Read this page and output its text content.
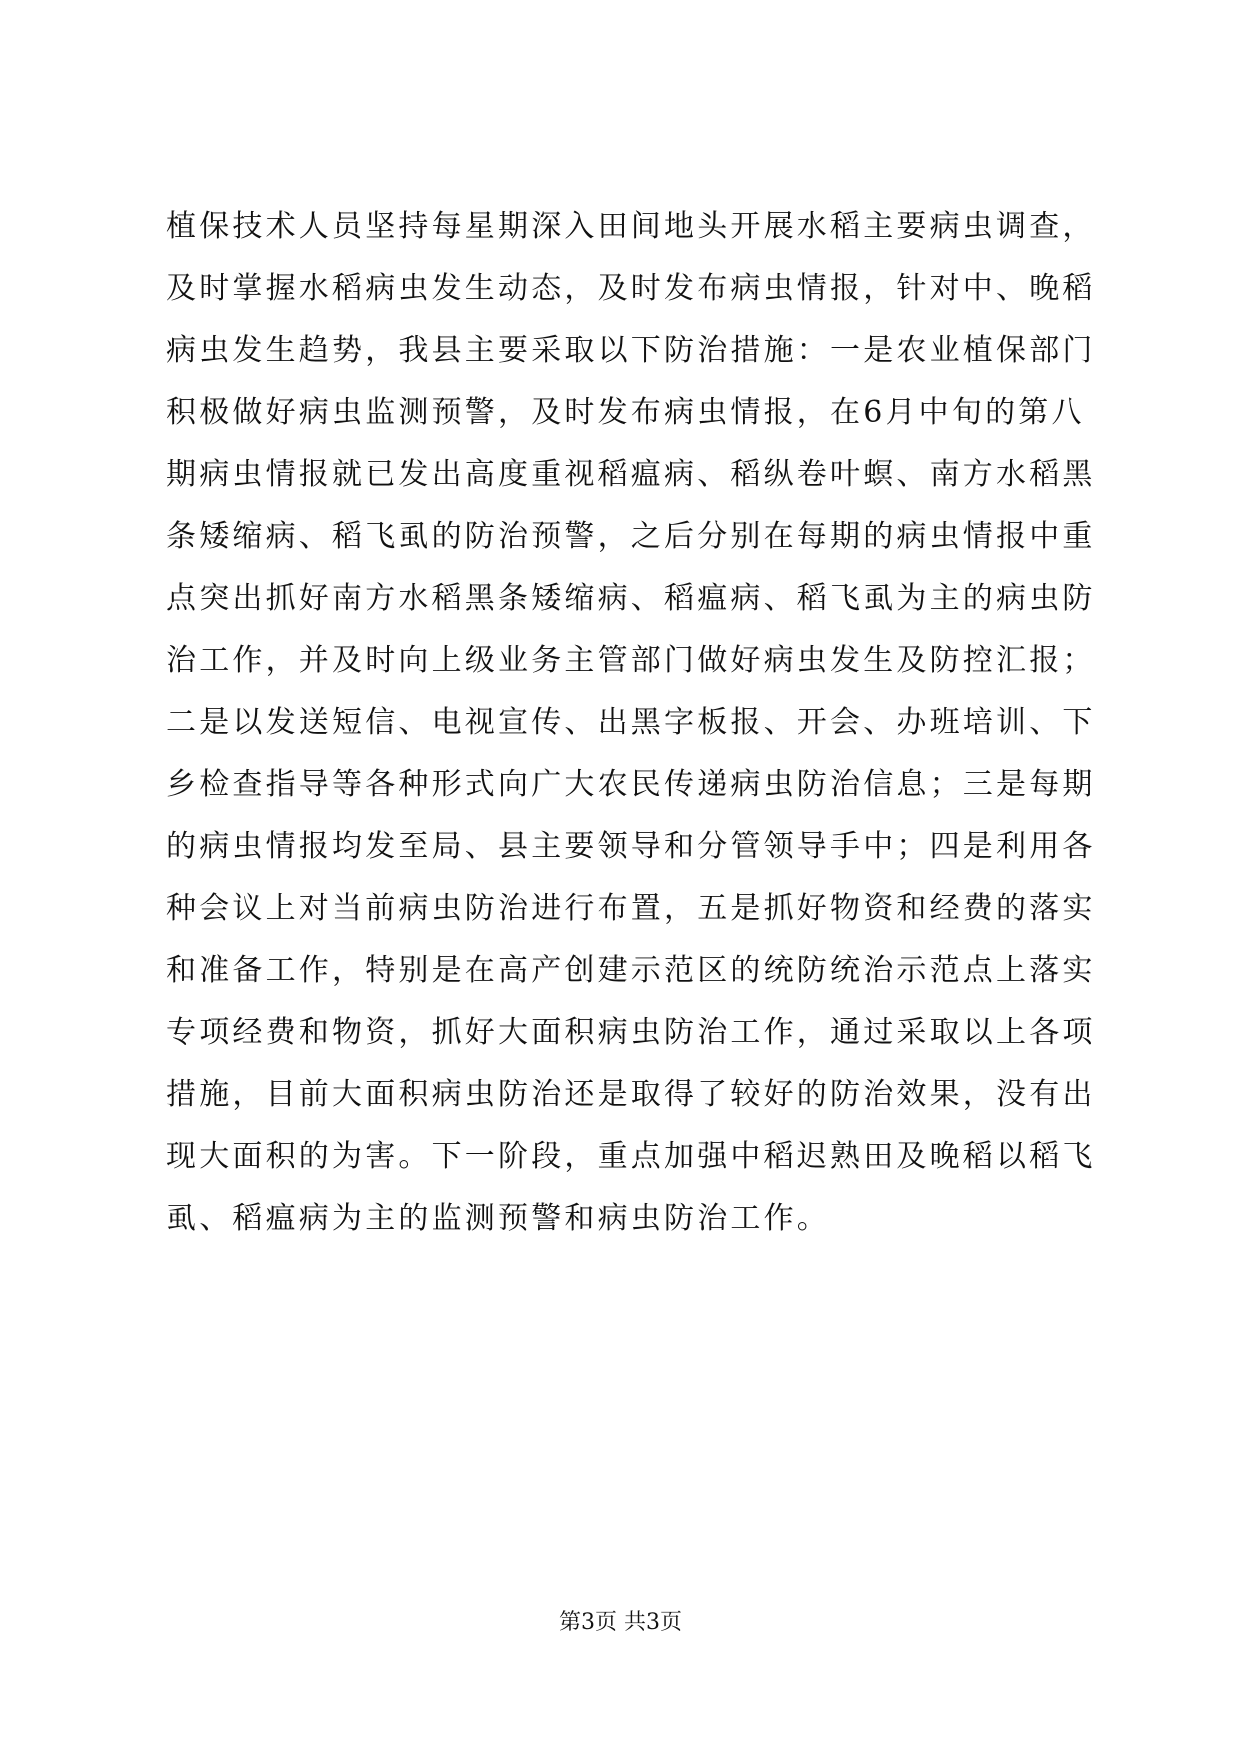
植保技术人员坚持每星期深入田间地头开展水稻主要病虫调查，
及时掌握水稻病虫发生动态，及时发布病虫情报，针对中、晚稻
病虫发生趋势，我县主要采取以下防治措施：一是农业植保部门
积极做好病虫监测预警，及时发布病虫情报，在6月中旬的第八
期病虫情报就已发出高度重视稻瘟病、稻纵卷叶螟、南方水稻黑
条矮缩病、稻飞虱的防治预警，之后分别在每期的病虫情报中重
点突出抓好南方水稻黑条矮缩病、稻瘟病、稻飞虱为主的病虫防
治工作，并及时向上级业务主管部门做好病虫发生及防控汇报；
二是以发送短信、电视宣传、出黑字板报、开会、办班培训、下
乡检查指导等各种形式向广大农民传递病虫防治信息；三是每期
的病虫情报均发至局、县主要领导和分管领导手中；四是利用各
种会议上对当前病虫防治进行布置，五是抓好物资和经费的落实
和准备工作，特别是在高产创建示范区的统防统治示范点上落实
专项经费和物资，抓好大面积病虫防治工作，通过采取以上各项
措施，目前大面积病虫防治还是取得了较好的防治效果，没有出
现大面积的为害。下一阶段，重点加强中稻迟熟田及晚稻以稻飞
虱、稻瘟病为主的监测预警和病虫防治工作。
第3页 共3页
